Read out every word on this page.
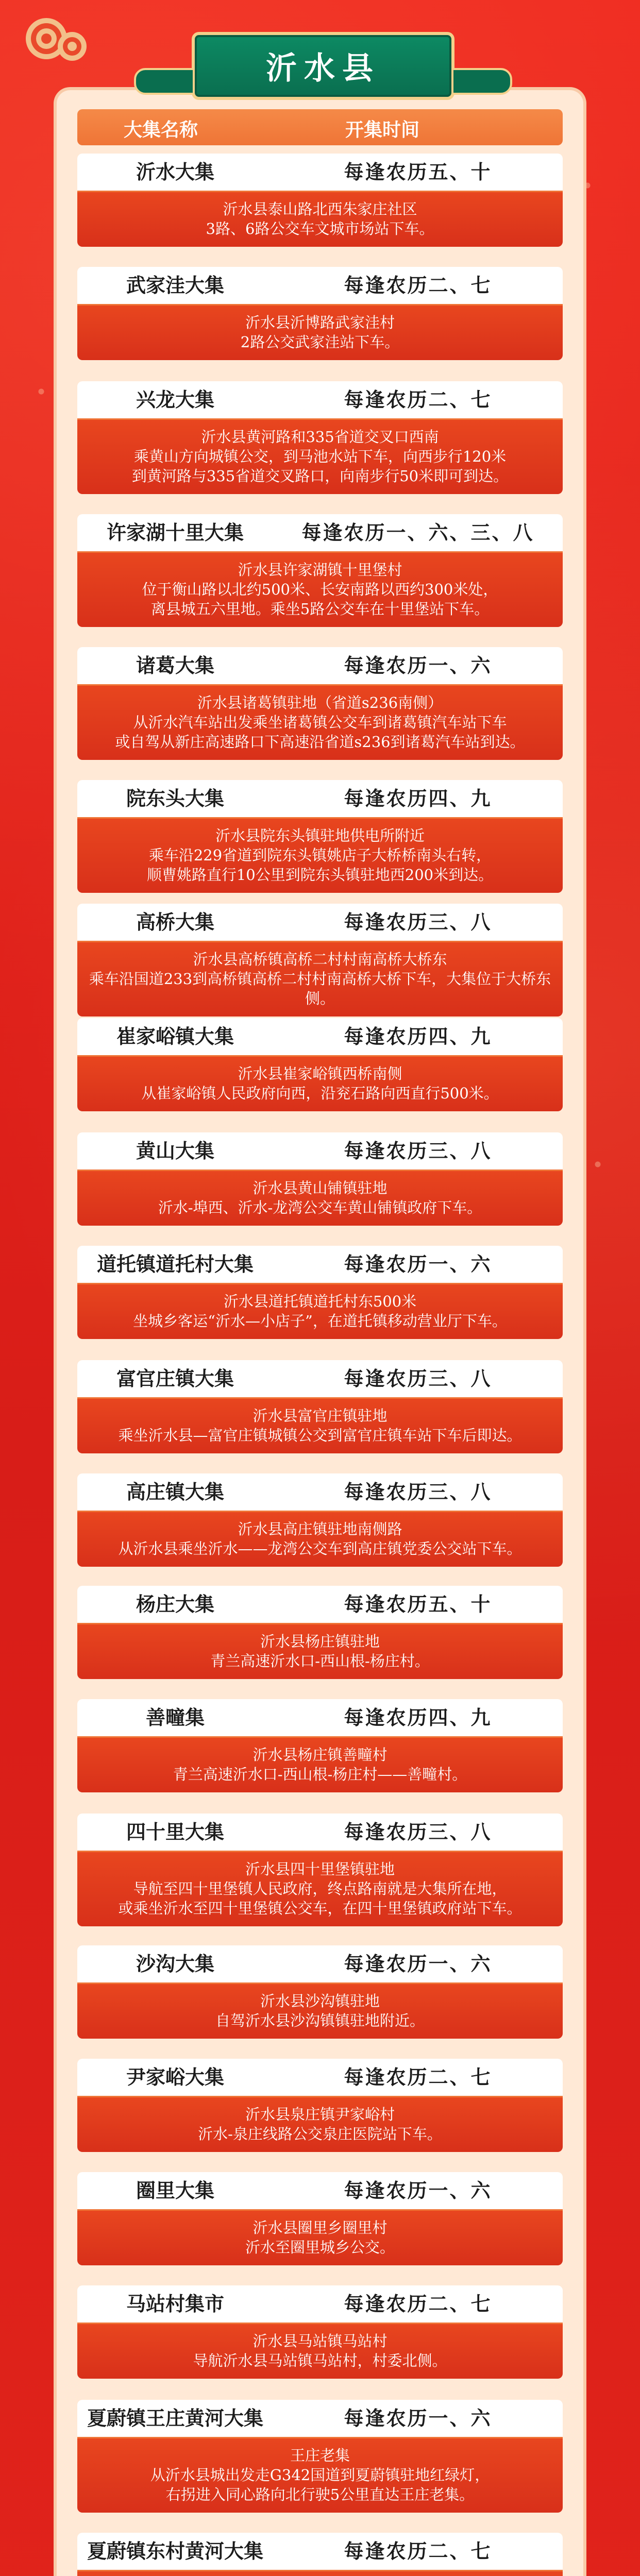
沂水县
大集名称	开集时间
沂水大集	每逢农历五、十
沂水县泰山路北西朱家庄社区
3路、6路公交车文城市场站下车。
武家洼大集	每逢农历二、七
沂水县沂博路武家洼村
2路公交武家洼站下车。
兴龙大集	每逢农历二、七
沂水县黄河路和335省道交叉口西南
乘黄山方向城镇公交，到马池水站下车，向西步行120米
到黄河路与335省道交叉路口，向南步行50米即可到达。
许家湖十里大集	每逢农历一、六、三、八
沂水县许家湖镇十里堡村
位于衡山路以北约500米、长安南路以西约300米处，
离县城五六里地。乘坐5路公交车在十里堡站下车。
诸葛大集	每逢农历一、六
沂水县诸葛镇驻地（省道s236南侧）
从沂水汽车站出发乘坐诸葛镇公交车到诸葛镇汽车站下车
或自驾从新庄高速路口下高速沿省道s236到诸葛汽车站到达。
院东头大集	每逢农历四、九
沂水县院东头镇驻地供电所附近
乘车沿229省道到院东头镇姚店子大桥桥南头右转，
顺曹姚路直行10公里到院东头镇驻地西200米到达。
高桥大集	每逢农历三、八
沂水县高桥镇高桥二村村南高桥大桥东
乘车沿国道233到高桥镇高桥二村村南高桥大桥下车，大集位于大桥东侧。
崔家峪镇大集	每逢农历四、九
沂水县崔家峪镇西桥南侧
从崔家峪镇人民政府向西，沿兖石路向西直行500米。
黄山大集	每逢农历三、八
沂水县黄山铺镇驻地
沂水-埠西、沂水-龙湾公交车黄山铺镇政府下车。
道托镇道托村大集	每逢农历一、六
沂水县道托镇道托村东500米
坐城乡客运“沂水—小店子”，在道托镇移动营业厅下车。
富官庄镇大集	每逢农历三、八
沂水县富官庄镇驻地
乘坐沂水县—富官庄镇城镇公交到富官庄镇车站下车后即达。
高庄镇大集	每逢农历三、八
沂水县高庄镇驻地南侧路
从沂水县乘坐沂水——龙湾公交车到高庄镇党委公交站下车。
杨庄大集	每逢农历五、十
沂水县杨庄镇驻地
青兰高速沂水口-西山根-杨庄村。
善疃集	每逢农历四、九
沂水县杨庄镇善疃村
青兰高速沂水口-西山根-杨庄村——善疃村。
四十里大集	每逢农历三、八
沂水县四十里堡镇驻地
导航至四十里堡镇人民政府，终点路南就是大集所在地，
或乘坐沂水至四十里堡镇公交车，在四十里堡镇政府站下车。
沙沟大集	每逢农历一、六
沂水县沙沟镇驻地
自驾沂水县沙沟镇镇驻地附近。
尹家峪大集	每逢农历二、七
沂水县泉庄镇尹家峪村
沂水-泉庄线路公交泉庄医院站下车。
圈里大集	每逢农历一、六
沂水县圈里乡圈里村
沂水至圈里城乡公交。
马站村集市	每逢农历二、七
沂水县马站镇马站村
导航沂水县马站镇马站村，村委北侧。
夏蔚镇王庄黄河大集	每逢农历一、六
王庄老集
从沂水县城出发走G342国道到夏蔚镇驻地红绿灯，
右拐进入同心路向北行驶5公里直达王庄老集。
夏蔚镇东村黄河大集	每逢农历二、七
